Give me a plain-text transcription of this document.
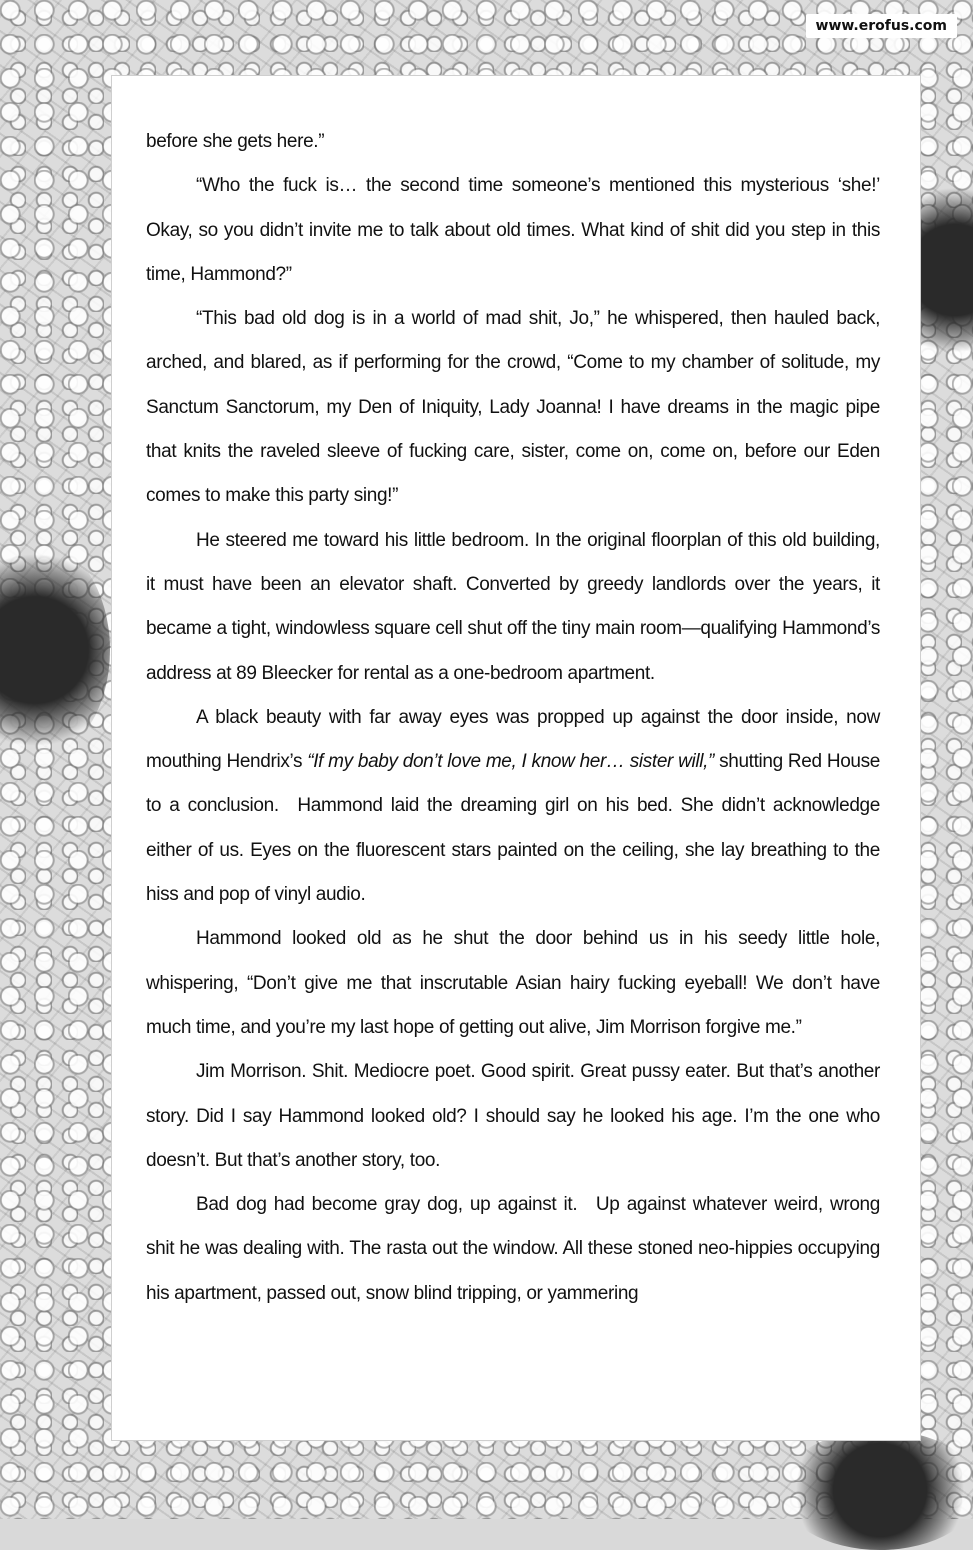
www.erofus.com

before she gets here.”

“Who the fuck is… the second time someone’s mentioned this mysterious ‘she!’ Okay, so you didn’t invite me to talk about old times. What kind of shit did you step in this time, Hammond?”

“This bad old dog is in a world of mad shit, Jo,” he whispered, then hauled back, arched, and blared, as if performing for the crowd, “Come to my chamber of solitude, my Sanctum Sanctorum, my Den of Iniquity, Lady Joanna! I have dreams in the magic pipe that knits the raveled sleeve of fucking care, sister, come on, come on, before our Eden comes to make this party sing!”

He steered me toward his little bedroom. In the original floorplan of this old building, it must have been an elevator shaft. Converted by greedy landlords over the years, it became a tight, windowless square cell shut off the tiny main room—qualifying Hammond’s address at 89 Bleecker for rental as a one-bedroom apartment.

A black beauty with far away eyes was propped up against the door inside, now mouthing Hendrix’s “If my baby don’t love me, I know her… sister will,” shutting Red House to a conclusion. Hammond laid the dreaming girl on his bed. She didn’t acknowledge either of us. Eyes on the fluorescent stars painted on the ceiling, she lay breathing to the hiss and pop of vinyl audio.

Hammond looked old as he shut the door behind us in his seedy little hole, whispering, “Don’t give me that inscrutable Asian hairy fucking eyeball! We don’t have much time, and you’re my last hope of getting out alive, Jim Morrison forgive me.”

Jim Morrison. Shit. Mediocre poet. Good spirit. Great pussy eater. But that’s another story. Did I say Hammond looked old? I should say he looked his age. I’m the one who doesn’t. But that’s another story, too.

Bad dog had become gray dog, up against it. Up against whatever weird, wrong shit he was dealing with. The rasta out the window. All these stoned neo-hippies occupying his apartment, passed out, snow blind tripping, or yammering
